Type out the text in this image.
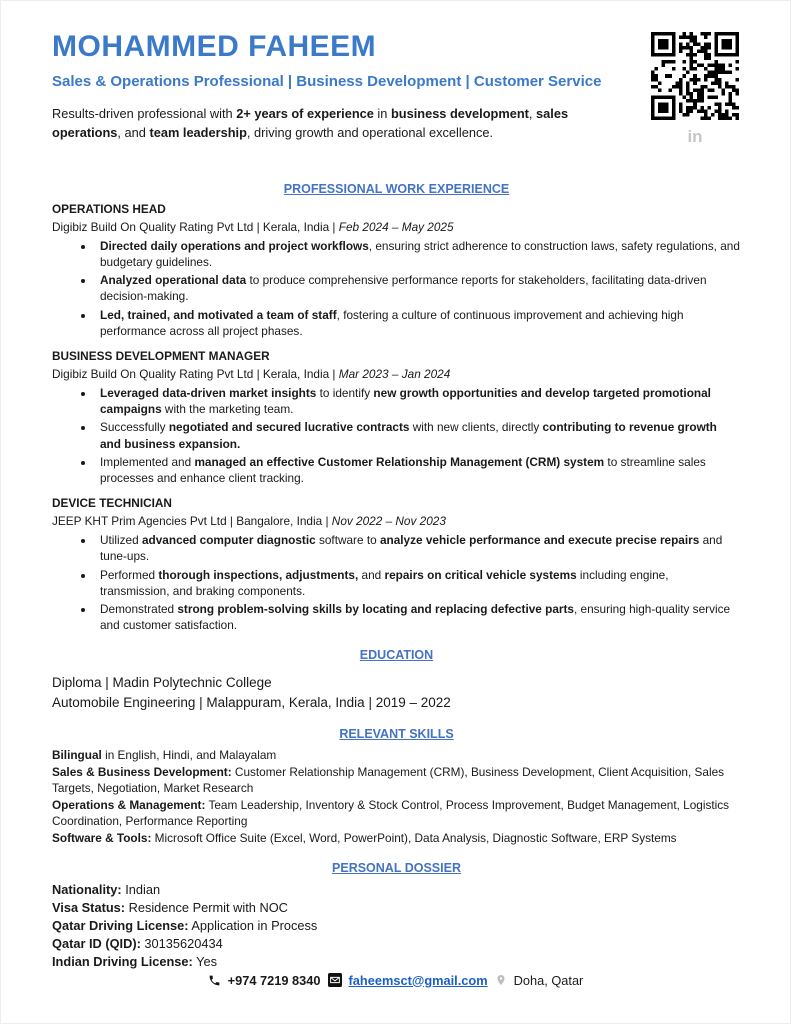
MOHAMMED FAHEEM
Sales & Operations Professional | Business Development | Customer Service

Results-driven professional with 2+ years of experience in business development, sales operations, and team leadership, driving growth and operational excellence.	in
PROFESSIONAL WORK EXPERIENCE
OPERATIONS HEAD
Digibiz Build On Quality Rating Pvt Ltd | Kerala, India | Feb 2024 – May 2025
• Directed daily operations and project workflows, ensuring strict adherence to construction laws, safety regulations, and budgetary guidelines.
• Analyzed operational data to produce comprehensive performance reports for stakeholders, facilitating data-driven decision-making.
• Led, trained, and motivated a team of staff, fostering a culture of continuous improvement and achieving high performance across all project phases.
BUSINESS DEVELOPMENT MANAGER
Digibiz Build On Quality Rating Pvt Ltd | Kerala, India | Mar 2023 – Jan 2024
• Leveraged data-driven market insights to identify new growth opportunities and develop targeted promotional campaigns with the marketing team.
• Successfully negotiated and secured lucrative contracts with new clients, directly contributing to revenue growth and business expansion.
• Implemented and managed an effective Customer Relationship Management (CRM) system to streamline sales processes and enhance client tracking.
DEVICE TECHNICIAN
JEEP KHT Prim Agencies Pvt Ltd | Bangalore, India | Nov 2022 – Nov 2023
• Utilized advanced computer diagnostic software to analyze vehicle performance and execute precise repairs and tune-ups.
• Performed thorough inspections, adjustments, and repairs on critical vehicle systems including engine, transmission, and braking components.
• Demonstrated strong problem-solving skills by locating and replacing defective parts, ensuring high-quality service and customer satisfaction.
EDUCATION
Diploma | Madin Polytechnic College
Automobile Engineering | Malappuram, Kerala, India | 2019 – 2022
RELEVANT SKILLS
Bilingual in English, Hindi, and Malayalam
Sales & Business Development: Customer Relationship Management (CRM), Business Development, Client Acquisition, Sales Targets, Negotiation, Market Research
Operations & Management: Team Leadership, Inventory & Stock Control, Process Improvement, Budget Management, Logistics Coordination, Performance Reporting
Software & Tools: Microsoft Office Suite (Excel, Word, PowerPoint), Data Analysis, Diagnostic Software, ERP Systems
PERSONAL DOSSIER
Nationality: Indian
Visa Status: Residence Permit with NOC
Qatar Driving License: Application in Process
Qatar ID (QID): 30135620434
Indian Driving License: Yes
+974 7219 8340 faheemsct@gmail.com Doha, Qatar
